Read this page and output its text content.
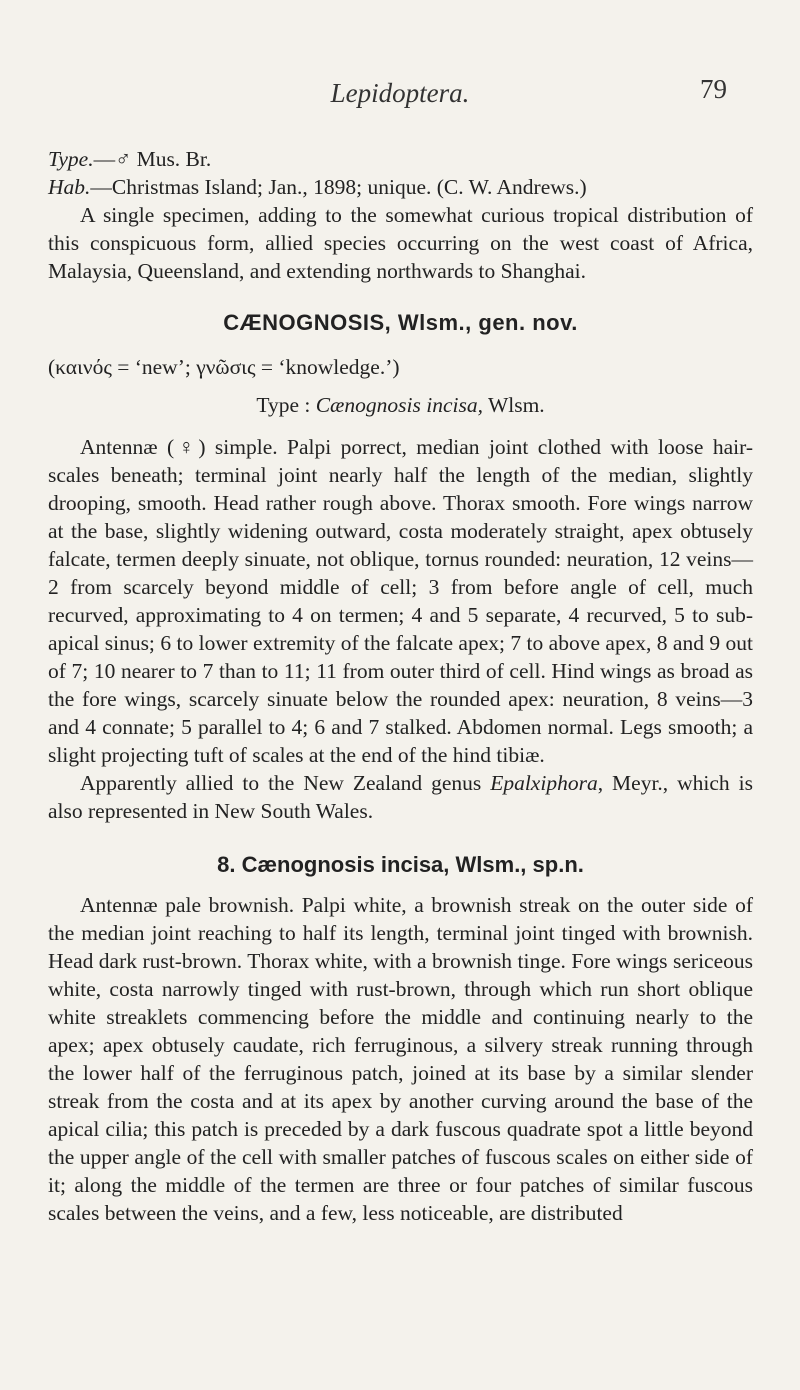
Lepidoptera.	79

Type.—♂ Mus. Br.

Hab.—Christmas Island; Jan., 1898; unique. (C. W. Andrews.)

A single specimen, adding to the somewhat curious tropical distribution of this conspicuous form, allied species occurring on the west coast of Africa, Malaysia, Queensland, and extending northwards to Shanghai.

CÆNOGNOSIS, Wlsm., gen. nov.

(καινός = ‘new’; γνῶσις = ‘knowledge.’)

Type : Cænognosis incisa, Wlsm.

Antennæ (♀) simple. Palpi porrect, median joint clothed with loose hair-scales beneath; terminal joint nearly half the length of the median, slightly drooping, smooth. Head rather rough above. Thorax smooth. Fore wings narrow at the base, slightly widening outward, costa moderately straight, apex obtusely falcate, termen deeply sinuate, not oblique, tornus rounded: neuration, 12 veins—2 from scarcely beyond middle of cell; 3 from before angle of cell, much recurved, approximating to 4 on termen; 4 and 5 separate, 4 recurved, 5 to sub-apical sinus; 6 to lower extremity of the falcate apex; 7 to above apex, 8 and 9 out of 7; 10 nearer to 7 than to 11; 11 from outer third of cell. Hind wings as broad as the fore wings, scarcely sinuate below the rounded apex: neuration, 8 veins—3 and 4 connate; 5 parallel to 4; 6 and 7 stalked. Abdomen normal. Legs smooth; a slight projecting tuft of scales at the end of the hind tibiæ.

Apparently allied to the New Zealand genus Epalxiphora, Meyr., which is also represented in New South Wales.

8. Cænognosis incisa, Wlsm., sp.n.

Antennæ pale brownish. Palpi white, a brownish streak on the outer side of the median joint reaching to half its length, terminal joint tinged with brownish. Head dark rust-brown. Thorax white, with a brownish tinge. Fore wings sericeous white, costa narrowly tinged with rust-brown, through which run short oblique white streaklets commencing before the middle and continuing nearly to the apex; apex obtusely caudate, rich ferruginous, a silvery streak running through the lower half of the ferruginous patch, joined at its base by a similar slender streak from the costa and at its apex by another curving around the base of the apical cilia; this patch is preceded by a dark fuscous quadrate spot a little beyond the upper angle of the cell with smaller patches of fuscous scales on either side of it; along the middle of the termen are three or four patches of similar fuscous scales between the veins, and a few, less noticeable, are distributed
